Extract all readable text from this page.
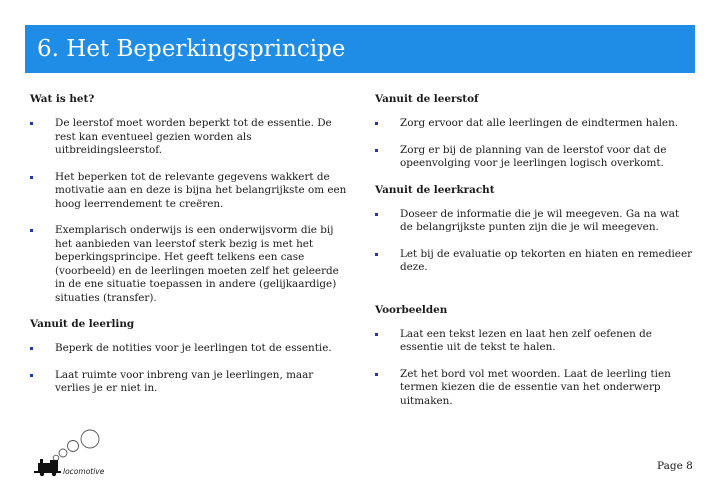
6. Het Beperkingsprincipe
Wat is het?
De leerstof moet worden beperkt tot de essentie. De rest kan eventueel gezien worden als uitbreidingsleerstof.
Het beperken tot de relevante gegevens wakkert de motivatie aan en deze is bijna het belangrijkste om een hoog leerrendement te creëren.
Exemplarisch onderwijs is een onderwijsvorm die bij het aanbieden van leerstof sterk bezig is met het beperkingsprincipe. Het geeft telkens een case (voorbeeld) en de leerlingen moeten zelf het geleerde in de ene situatie toepassen in andere (gelijkaardige) situaties (transfer).
Vanuit de leerling
Beperk de notities voor je leerlingen tot de essentie.
Laat ruimte voor inbreng van je leerlingen, maar verlies je er niet in.
Vanuit de leerstof
Zorg ervoor dat alle leerlingen de eindtermen halen.
Zorg er bij de planning van de leerstof voor dat de opeenvolging voor je leerlingen logisch overkomt.
Vanuit de leerkracht
Doseer de informatie die je wil meegeven. Ga na wat de belangrijkste punten zijn die je wil meegeven.
Let bij de evaluatie op tekorten en hiaten en remedieer deze.
Voorbeelden
Laat een tekst lezen en laat hen zelf oefenen de essentie uit de tekst te halen.
Zet het bord vol met woorden. Laat de leerling tien termen kiezen die de essentie van het onderwerp uitmaken.
locomotive	Page 8
